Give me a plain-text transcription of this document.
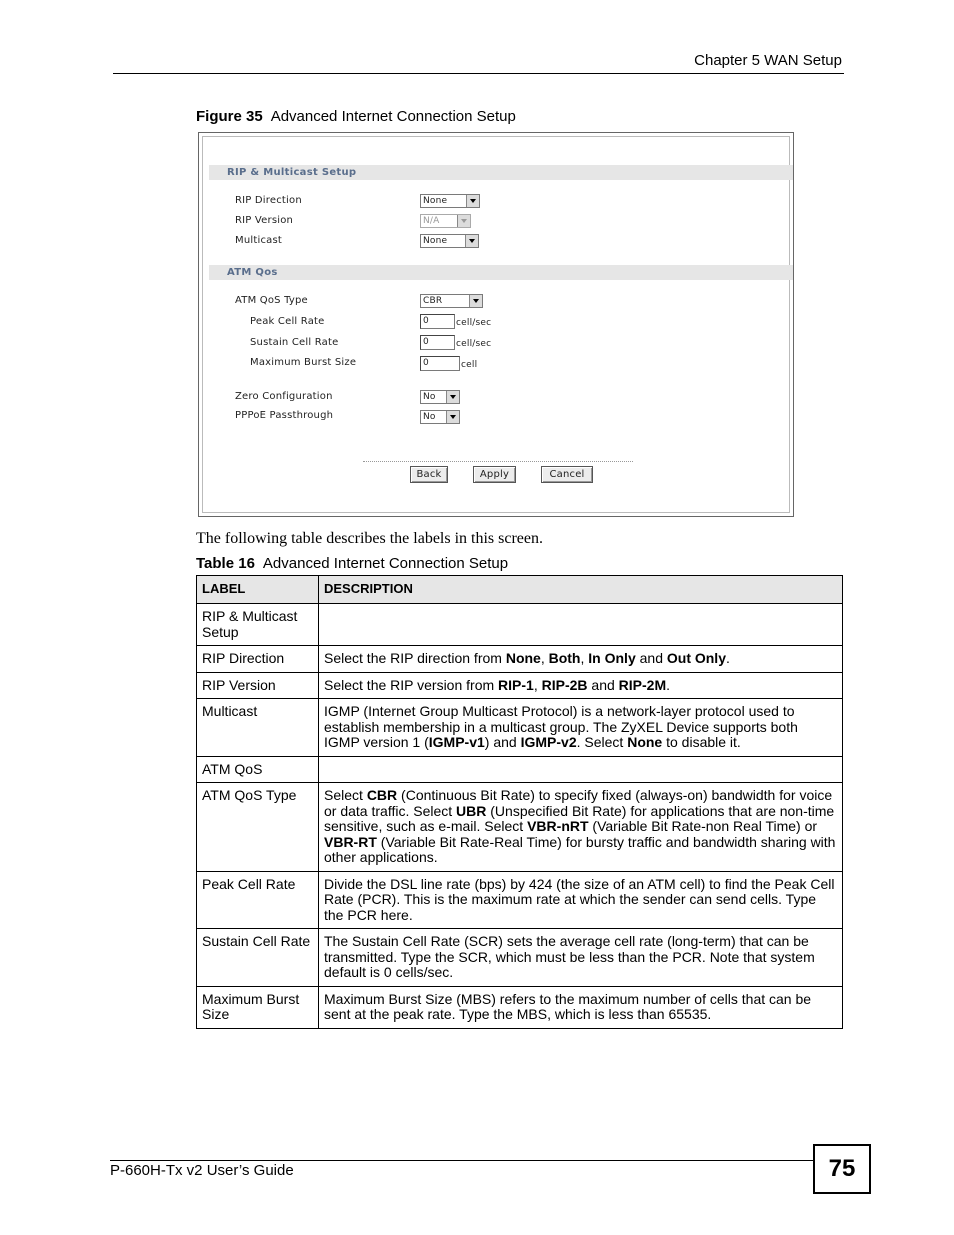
Chapter 5 WAN Setup
Figure 35 Advanced Internet Connection Setup
RIP & Multicast Setup
RIP Direction	None
RIP Version	N/A
Multicast	None
ATM Qos
ATM QoS Type	CBR
Peak Cell Rate	0	cell/sec
Sustain Cell Rate	0	cell/sec
Maximum Burst Size	0	cell
Zero Configuration	No
PPPoE Passthrough	No
Back	Apply	Cancel
The following table describes the labels in this screen.
Table 16 Advanced Internet Connection Setup
LABEL	DESCRIPTION
RIP & Multicast Setup	
RIP Direction	Select the RIP direction from None, Both, In Only and Out Only.
RIP Version	Select the RIP version from RIP-1, RIP-2B and RIP-2M.
Multicast	IGMP (Internet Group Multicast Protocol) is a network-layer protocol used to establish membership in a multicast group. The ZyXEL Device supports both IGMP version 1 (IGMP-v1) and IGMP-v2. Select None to disable it.
ATM QoS	
ATM QoS Type	Select CBR (Continuous Bit Rate) to specify fixed (always-on) bandwidth for voice or data traffic. Select UBR (Unspecified Bit Rate) for applications that are non-time sensitive, such as e-mail. Select VBR-nRT (Variable Bit Rate-non Real Time) or VBR-RT (Variable Bit Rate-Real Time) for bursty traffic and bandwidth sharing with other applications.
Peak Cell Rate	Divide the DSL line rate (bps) by 424 (the size of an ATM cell) to find the Peak Cell Rate (PCR). This is the maximum rate at which the sender can send cells. Type the PCR here.
Sustain Cell Rate	The Sustain Cell Rate (SCR) sets the average cell rate (long-term) that can be transmitted. Type the SCR, which must be less than the PCR. Note that system default is 0 cells/sec.
Maximum Burst Size	Maximum Burst Size (MBS) refers to the maximum number of cells that can be sent at the peak rate. Type the MBS, which is less than 65535.
P-660H-Tx v2 User’s Guide	75
